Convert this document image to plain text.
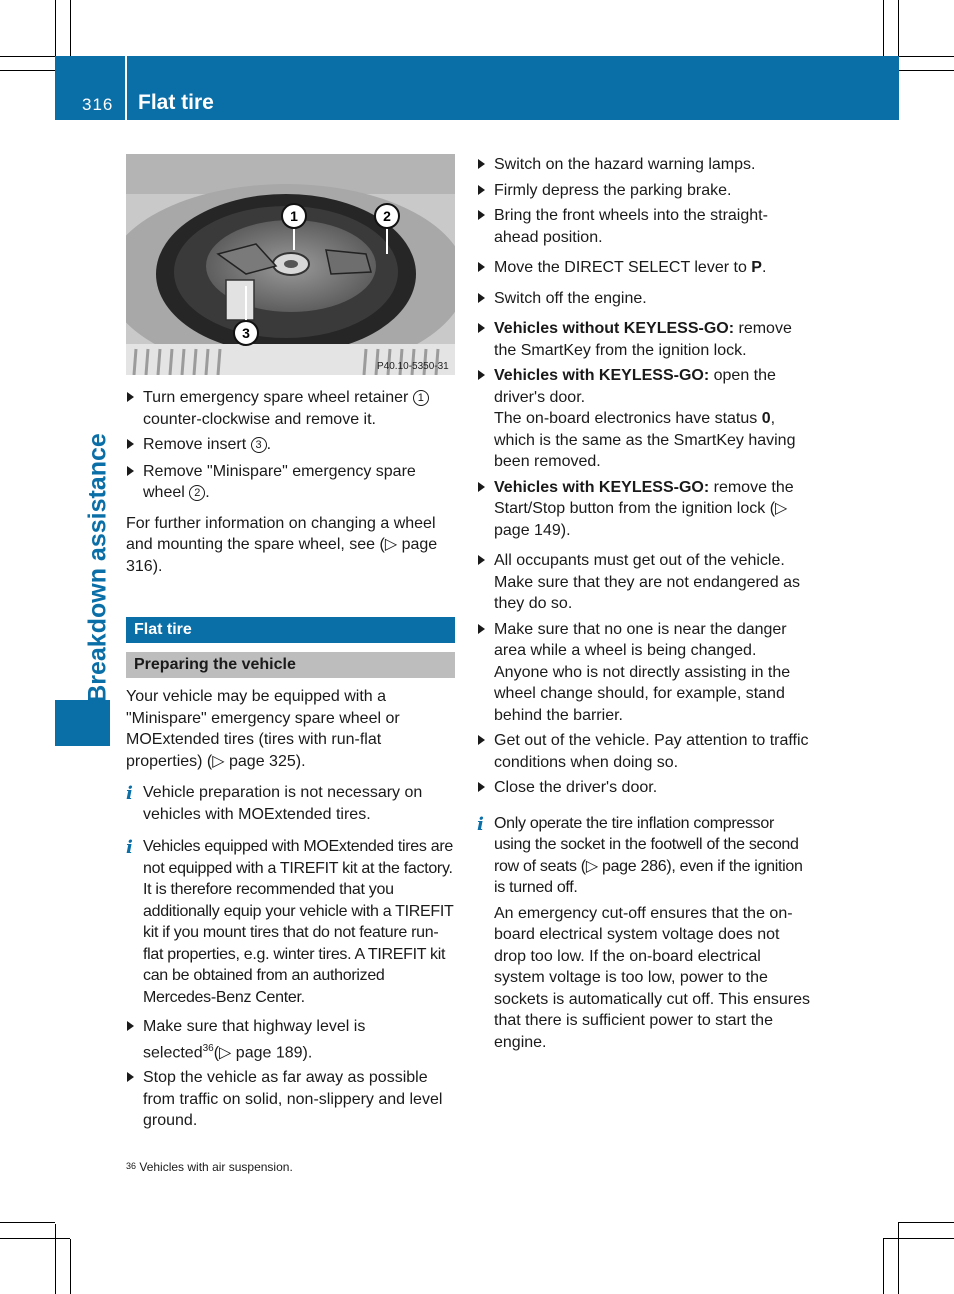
316 Flat tire
Breakdown assistance
1	2
3
P40.10-5350-31

Turn emergency spare wheel retainer 1 counter-clockwise and remove it.

Remove insert 3 .

Remove "Minispare" emergency spare wheel 2 .

For further information on changing a wheel and mounting the spare wheel, see (▷ page 316).

Flat tire
Preparing the vehicle

Your vehicle may be equipped with a "Minispare" emergency spare wheel or MOExtended tires (tires with run-flat properties) (▷ page 325).

i Vehicle preparation is not necessary on vehicles with MOExtended tires.

i Vehicles equipped with MOExtended tires are not equipped with a TIREFIT kit at the factory. It is therefore recommended that you additionally equip your vehicle with a TIREFIT kit if you mount tires that do not feature run-flat properties, e.g. winter tires. A TIREFIT kit can be obtained from an authorized Mercedes-Benz Center.

Make sure that highway level is selected$^{36}$(▷ page 189).

Stop the vehicle as far away as possible from traffic on solid, non-slippery and level ground.

Switch on the hazard warning lamps.

Firmly depress the parking brake.

Bring the front wheels into the straight-ahead position.

Move the DIRECT SELECT lever to P.

Switch off the engine.

Vehicles without KEYLESS-GO: remove the SmartKey from the ignition lock.

Vehicles with KEYLESS-GO: open the driver's door.
The on-board electronics have status 0, which is the same as the SmartKey having been removed.

Vehicles with KEYLESS-GO: remove the Start/Stop button from the ignition lock (▷ page 149).

All occupants must get out of the vehicle. Make sure that they are not endangered as they do so.

Make sure that no one is near the danger area while a wheel is being changed. Anyone who is not directly assisting in the wheel change should, for example, stand behind the barrier.

Get out of the vehicle. Pay attention to traffic conditions when doing so.

Close the driver's door.

i Only operate the tire inflation compressor using the socket in the footwell of the second row of seats (▷ page 286), even if the ignition is turned off.

An emergency cut-off ensures that the on-board electrical system voltage does not drop too low. If the on-board electrical system voltage is too low, power to the sockets is automatically cut off. This ensures that there is sufficient power to start the engine.

36 Vehicles with air suspension.
